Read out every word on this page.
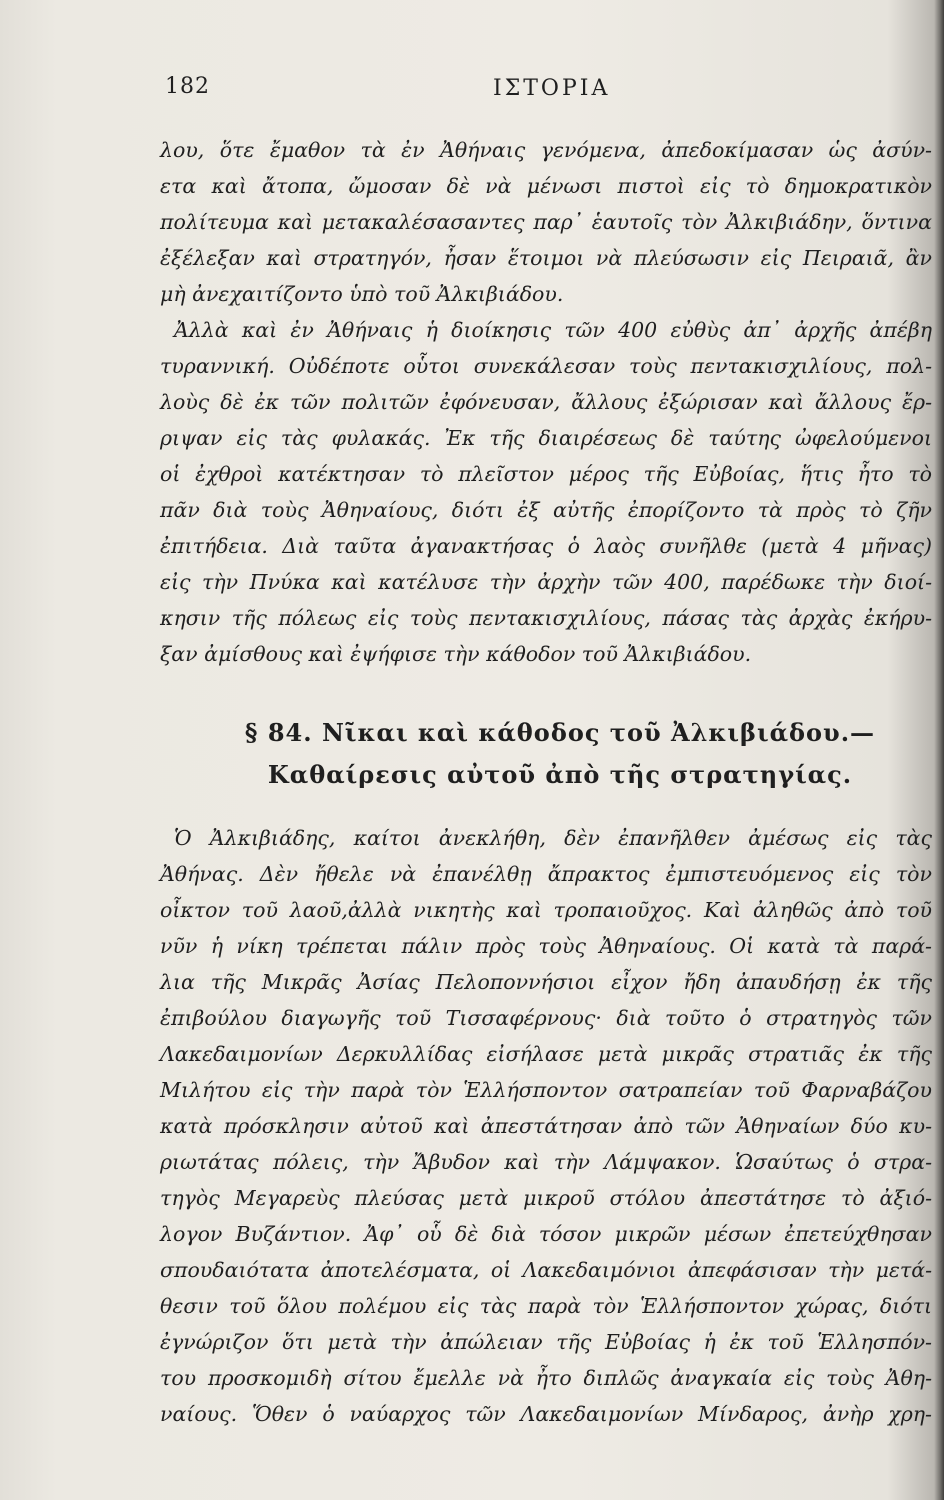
182	ΙΣΤΟΡΙΑ
λου, ὅτε ἔμαθον τὰ ἐν Ἀθήναις γενόμενα, ἀπεδοκίμασαν ὡς ἀσύν-
ετα καὶ ἄτοπα, ὤμοσαν δὲ νὰ μένωσι πιστοὶ εἰς τὸ δημοκρατικὸν
πολίτευμα καὶ μετακαλέσασαντες παρ᾽ ἑαυτοῖς τὸν Ἀλκιβιάδην, ὅντινα
ἐξέλεξαν καὶ στρατηγόν, ἦσαν ἕτοιμοι νὰ πλεύσωσιν εἰς Πειραιᾶ, ἂν
μὴ ἀνεχαιτίζοντο ὑπὸ τοῦ Ἀλκιβιάδου.
Ἀλλὰ καὶ ἐν Ἀθήναις ἡ διοίκησις τῶν 400 εὐθὺς ἀπ᾽ ἀρχῆς ἀπέβη
τυραννική. Οὐδέποτε οὗτοι συνεκάλεσαν τοὺς πεντακισχιλίους, πολ-
λοὺς δὲ ἐκ τῶν πολιτῶν ἐφόνευσαν, ἄλλους ἐξώρισαν καὶ ἄλλους ἔρ-
ριψαν εἰς τὰς φυλακάς. Ἐκ τῆς διαιρέσεως δὲ ταύτης ὠφελούμενοι
οἱ ἐχθροὶ κατέκτησαν τὸ πλεῖστον μέρος τῆς Εὐβοίας, ἥτις ἦτο τὸ
πᾶν διὰ τοὺς Ἀθηναίους, διότι ἐξ αὐτῆς ἐπορίζοντο τὰ πρὸς τὸ ζῆν
ἐπιτήδεια. Διὰ ταῦτα ἀγανακτήσας ὁ λαὸς συνῆλθε (μετὰ 4 μῆνας)
εἰς τὴν Πνύκα καὶ κατέλυσε τὴν ἀρχὴν τῶν 400, παρέδωκε τὴν διοί-
κησιν τῆς πόλεως εἰς τοὺς πεντακισχιλίους, πάσας τὰς ἀρχὰς ἐκήρυ-
ξαν ἀμίσθους καὶ ἐψήφισε τὴν κάθοδον τοῦ Ἀλκιβιάδου.
§ 84. Νῖκαι καὶ κάθοδος τοῦ Ἀλκιβιάδου.—
Καθαίρεσις αὐτοῦ ἀπὸ τῆς στρατηγίας.
Ὁ Ἀλκιβιάδης, καίτοι ἀνεκλήθη, δὲν ἐπανῆλθεν ἀμέσως εἰς τὰς
Ἀθήνας. Δὲν ἤθελε νὰ ἐπανέλθῃ ἄπρακτος ἐμπιστευόμενος εἰς τὸν
οἶκτον τοῦ λαοῦ,ἀλλὰ νικητὴς καὶ τροπαιοῦχος. Καὶ ἀληθῶς ἀπὸ τοῦ
νῦν ἡ νίκη τρέπεται πάλιν πρὸς τοὺς Ἀθηναίους. Οἱ κατὰ τὰ παρά-
λια τῆς Μικρᾶς Ἀσίας Πελοποννήσιοι εἶχον ἤδη ἀπαυδήσῃ ἐκ τῆς
ἐπιβούλου διαγωγῆς τοῦ Τισσαφέρνους· διὰ τοῦτο ὁ στρατηγὸς τῶν
Λακεδαιμονίων Δερκυλλίδας εἰσήλασε μετὰ μικρᾶς στρατιᾶς ἐκ τῆς
Μιλήτου εἰς τὴν παρὰ τὸν Ἑλλήσποντον σατραπείαν τοῦ Φαρναβάζου
κατὰ πρόσκλησιν αὐτοῦ καὶ ἀπεστάτησαν ἀπὸ τῶν Ἀθηναίων δύο κυ-
ριωτάτας πόλεις, τὴν Ἄβυδον καὶ τὴν Λάμψακον. Ὡσαύτως ὁ στρα-
τηγὸς Μεγαρεὺς πλεύσας μετὰ μικροῦ στόλου ἀπεστάτησε τὸ ἀξιό-
λογον Βυζάντιον. Ἀφ᾽ οὗ δὲ διὰ τόσον μικρῶν μέσων ἐπετεύχθησαν
σπουδαιότατα ἀποτελέσματα, οἱ Λακεδαιμόνιοι ἀπεφάσισαν τὴν μετά-
θεσιν τοῦ ὅλου πολέμου εἰς τὰς παρὰ τὸν Ἑλλήσποντον χώρας, διότι
ἐγνώριζον ὅτι μετὰ τὴν ἀπώλειαν τῆς Εὐβοίας ἡ ἐκ τοῦ Ἑλλησπόν-
του προσκομιδὴ σίτου ἔμελλε νὰ ἦτο διπλῶς ἀναγκαία εἰς τοὺς Ἀθη-
ναίους. Ὅθεν ὁ ναύαρχος τῶν Λακεδαιμονίων Μίνδαρος, ἀνὴρ χρη-
